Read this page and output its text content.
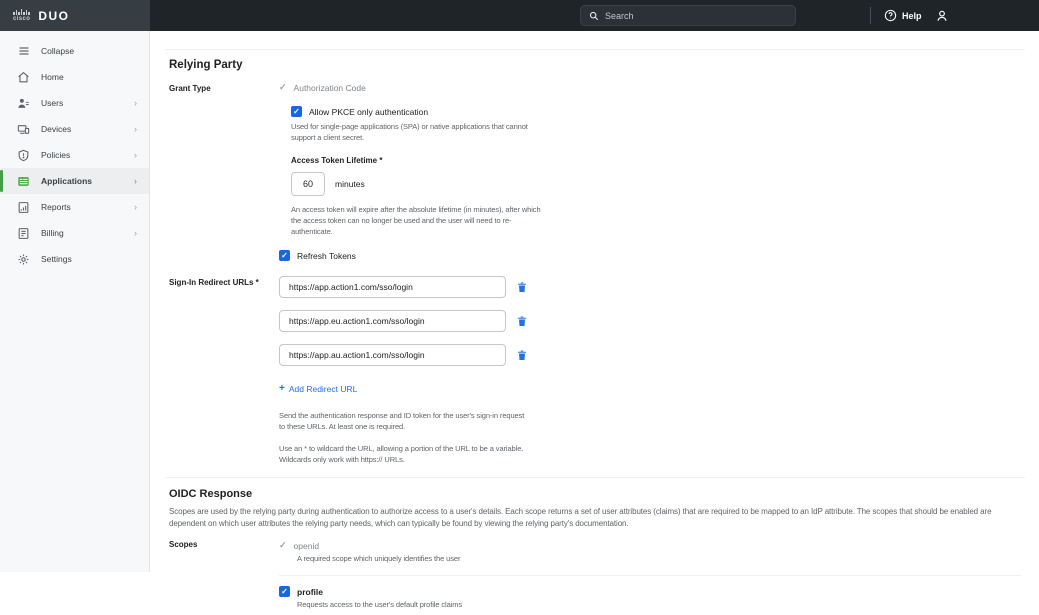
cisco DUO
Search	Help
Collapse
Home
Users	›
Devices	›
Policies	›
Applications	›
Reports	›
Billing	›
Settings
Relying Party
Grant Type	✓ Authorization Code
✓
Allow PKCE only authentication
Used for single-page applications (SPA) or native applications that cannot support a client secret.
Access Token Lifetime *
60
minutes
An access token will expire after the absolute lifetime (in minutes), after which the access token can no longer be used and the user will need to re-authenticate.
✓
Refresh Tokens
Sign-In Redirect URLs *
https://app.action1.com/sso/login
https://app.eu.action1.com/sso/login
https://app.au.action1.com/sso/login
+ Add Redirect URL
Send the authentication response and ID token for the user's sign-in request to these URLs. At least one is required.
Use an * to wildcard the URL, allowing a portion of the URL to be a variable. Wildcards only work with https:// URLs.
OIDC Response
Scopes are used by the relying party during authentication to authorize access to a user's details. Each scope returns a set of user attributes (claims) that are required to be mapped to an IdP attribute. The scopes that should be enabled are dependent on which user attributes the relying party needs, which can typically be found by viewing the relying party's documentation.
Scopes	✓ openid
A required scope which uniquely identifies the user
✓
profile
Requests access to the user's default profile claims
